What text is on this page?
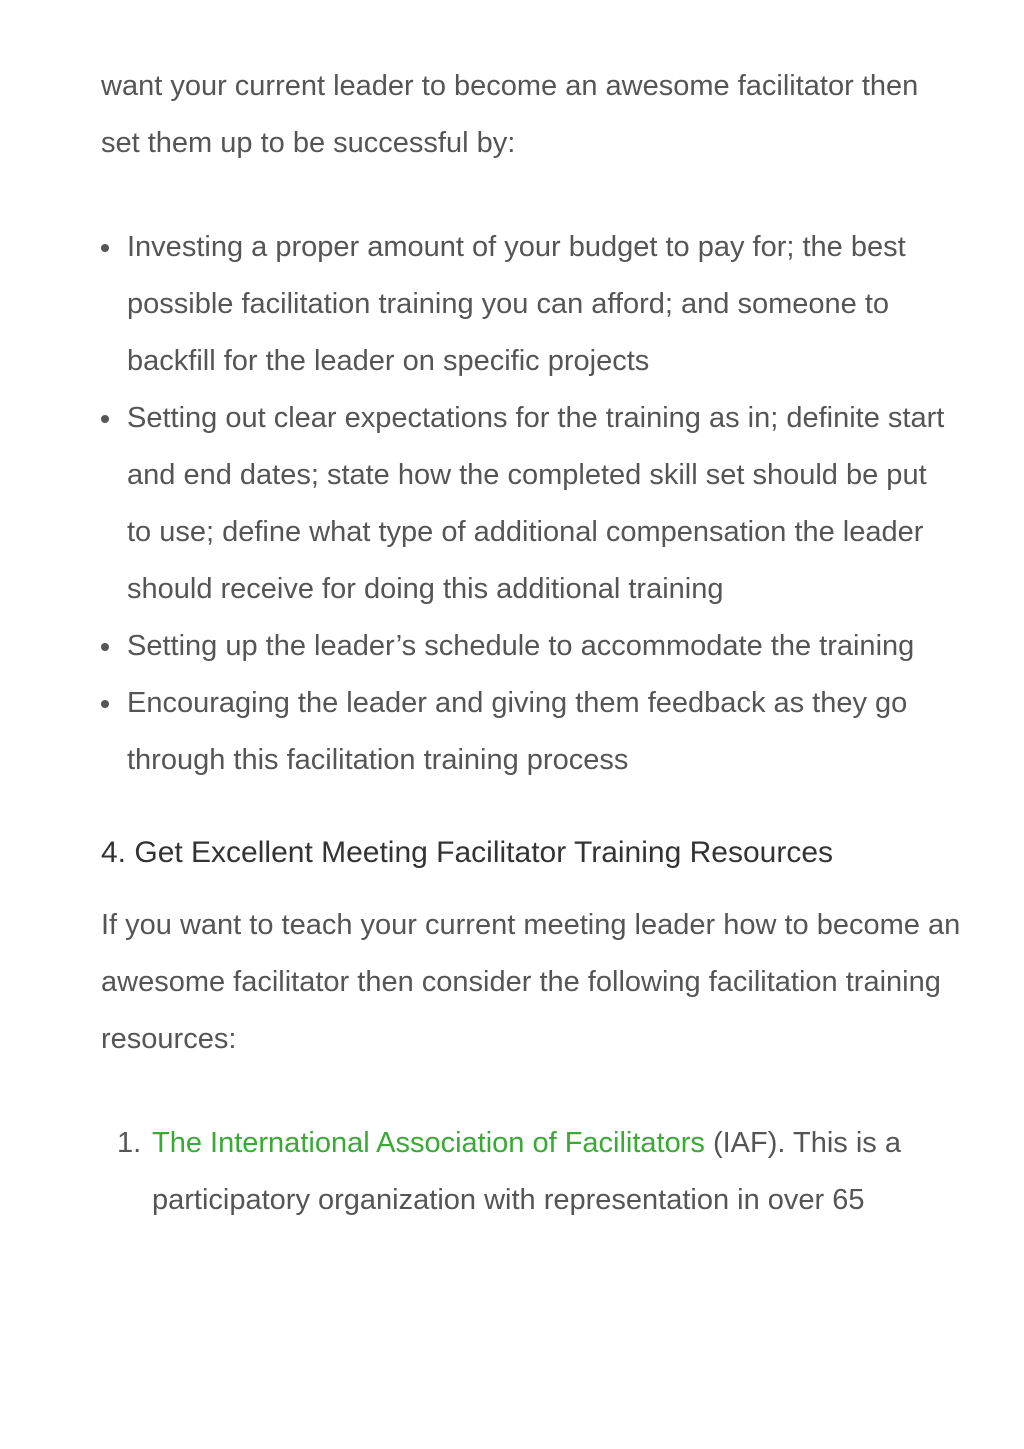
want your current leader to become an awesome facilitator then set them up to be successful by:

Investing a proper amount of your budget to pay for; the best possible facilitation training you can afford; and someone to backfill for the leader on specific projects
Setting out clear expectations for the training as in; definite start and end dates; state how the completed skill set should be put to use; define what type of additional compensation the leader should receive for doing this additional training
Setting up the leader’s schedule to accommodate the training
Encouraging the leader and giving them feedback as they go through this facilitation training process
4. Get Excellent Meeting Facilitator Training Resources

If you want to teach your current meeting leader how to become an awesome facilitator then consider the following facilitation training resources:

1. The International Association of Facilitators (IAF). This is a participatory organization with representation in over 65
